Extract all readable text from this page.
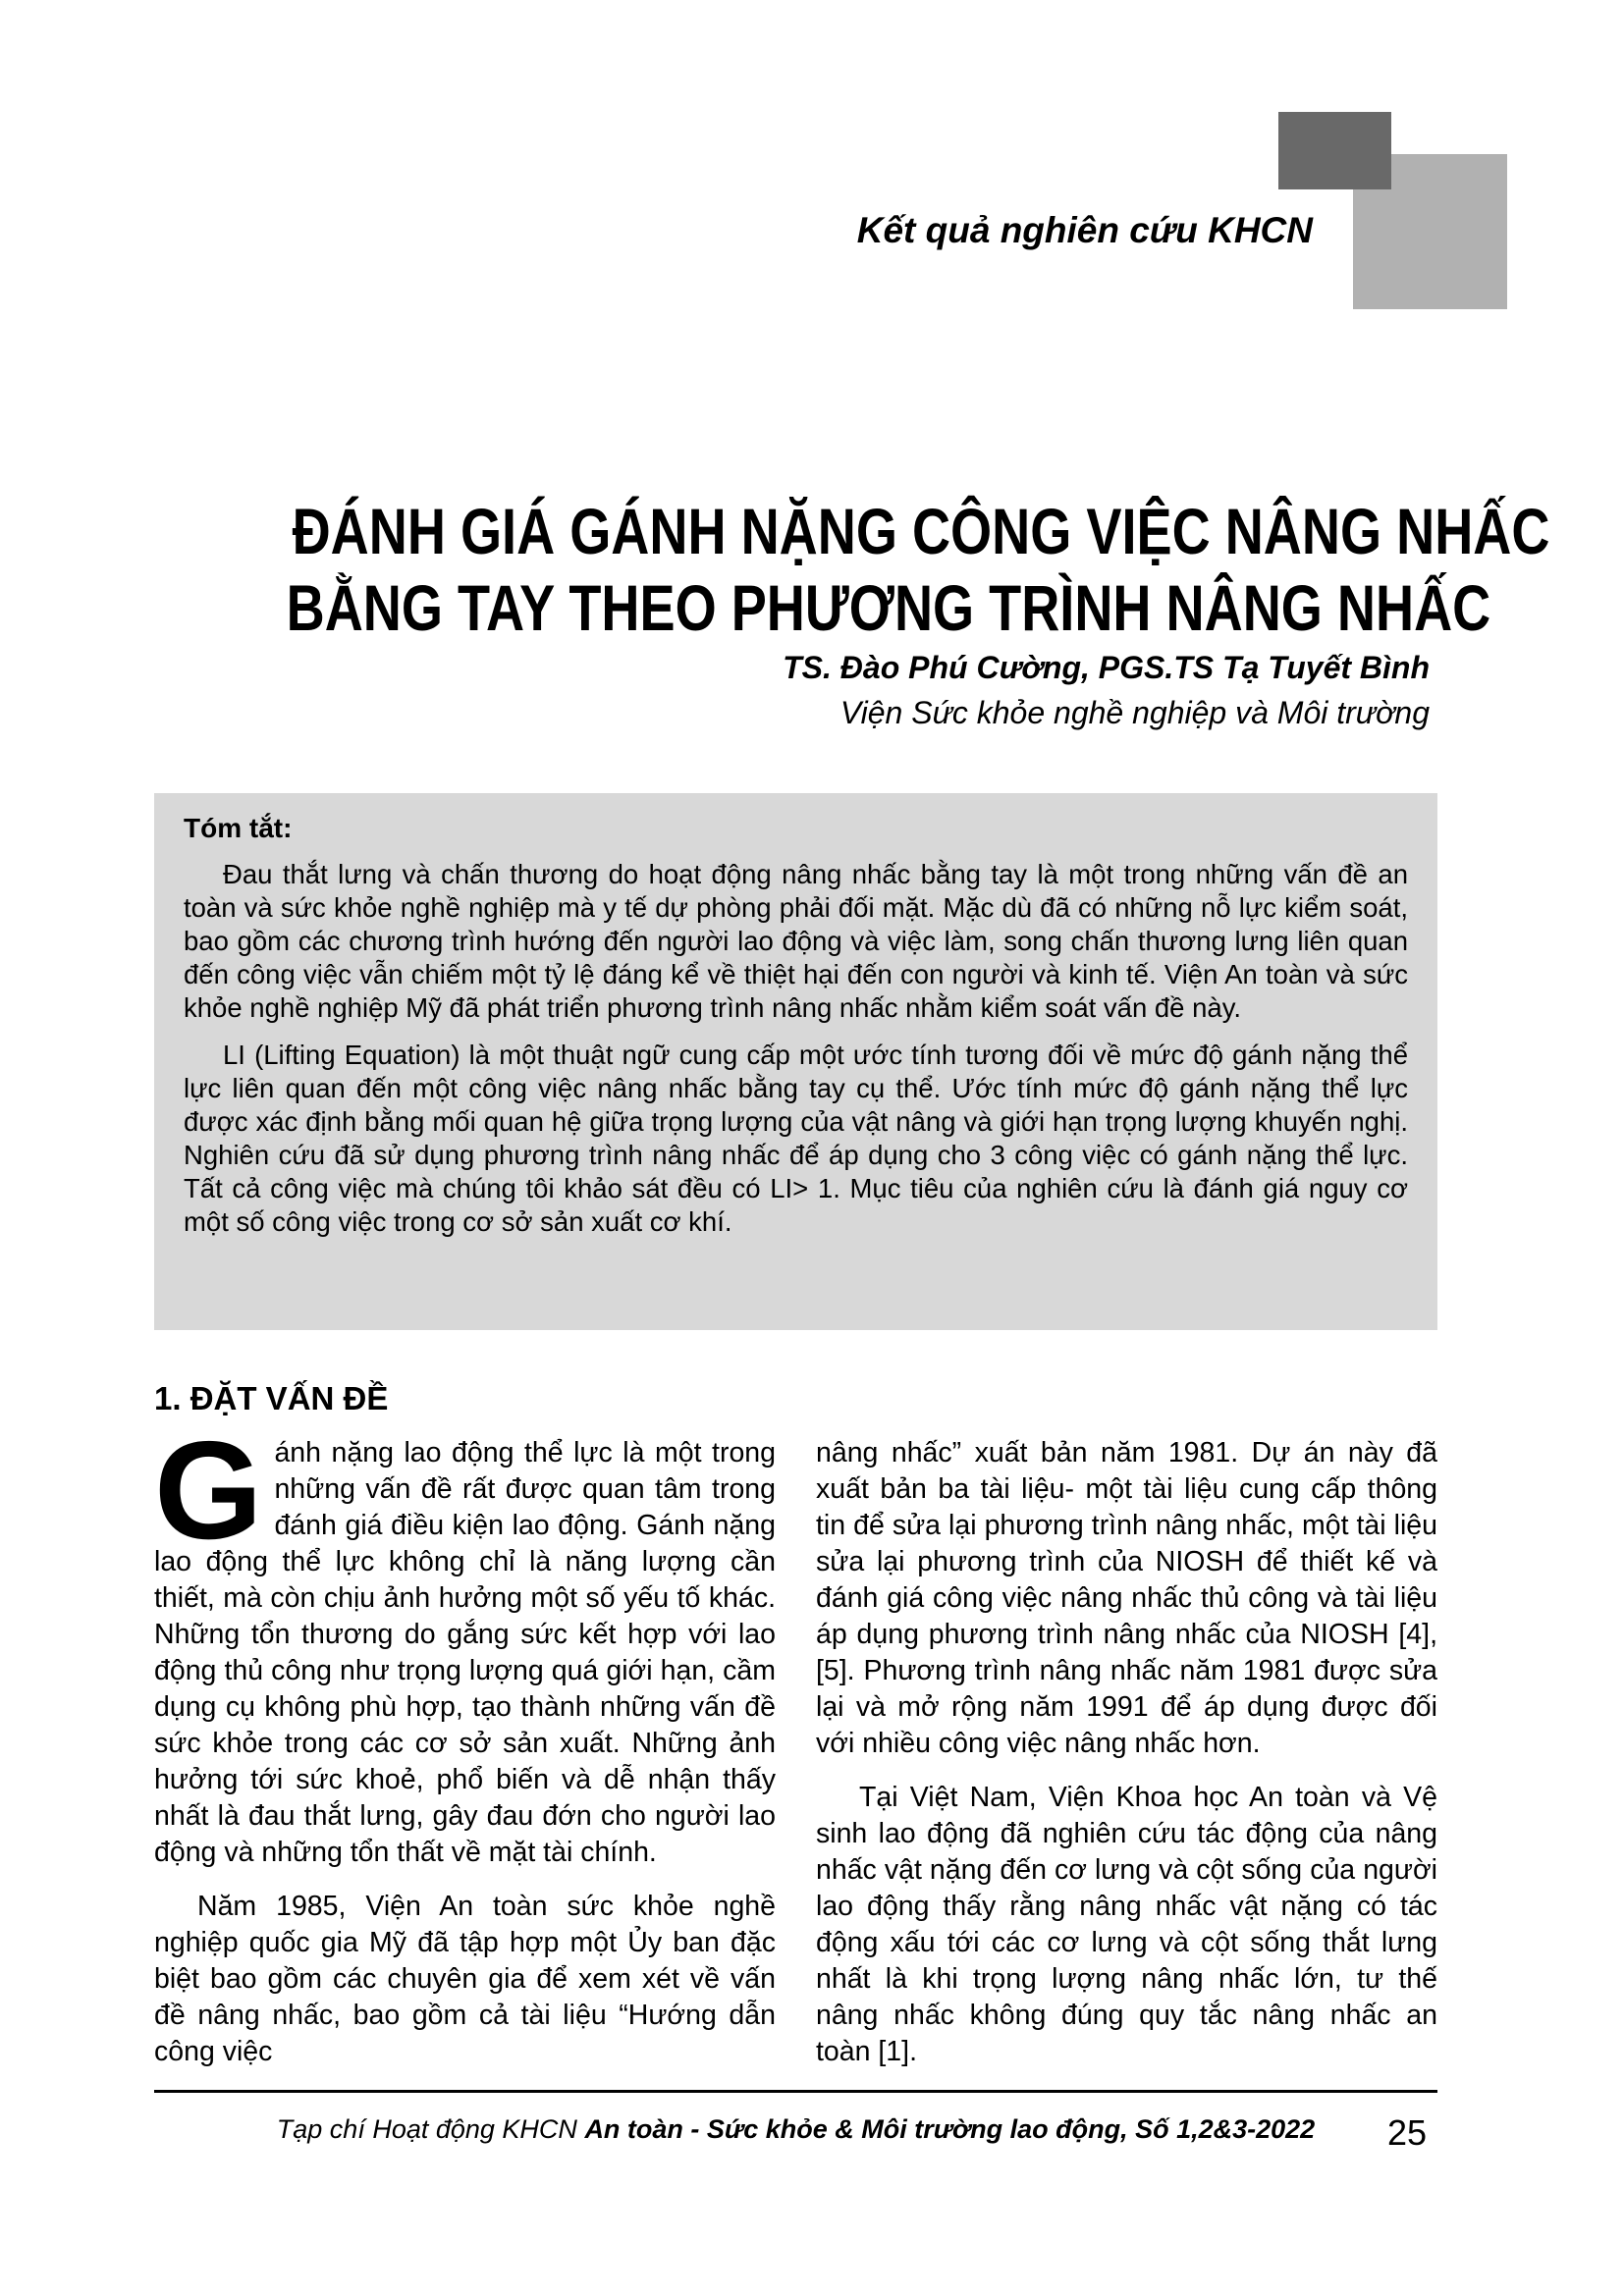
Kết quả nghiên cứu KHCN
ĐÁNH GIÁ GÁNH NẶNG CÔNG VIỆC NÂNG NHẤC
BẰNG TAY THEO PHƯƠNG TRÌNH NÂNG NHẤC
TS. Đào Phú Cường, PGS.TS Tạ Tuyết Bình
Viện Sức khỏe nghề nghiệp và Môi trường
Tóm tắt:

Đau thắt lưng và chấn thương do hoạt động nâng nhấc bằng tay là một trong những vấn đề an toàn và sức khỏe nghề nghiệp mà y tế dự phòng phải đối mặt. Mặc dù đã có những nỗ lực kiểm soát, bao gồm các chương trình hướng đến người lao động và việc làm, song chấn thương lưng liên quan đến công việc vẫn chiếm một tỷ lệ đáng kể về thiệt hại đến con người và kinh tế. Viện An toàn và sức khỏe nghề nghiệp Mỹ đã phát triển phương trình nâng nhấc nhằm kiểm soát vấn đề này.

LI (Lifting Equation) là một thuật ngữ cung cấp một ước tính tương đối về mức độ gánh nặng thể lực liên quan đến một công việc nâng nhấc bằng tay cụ thể. Ước tính mức độ gánh nặng thể lực được xác định bằng mối quan hệ giữa trọng lượng của vật nâng và giới hạn trọng lượng khuyến nghị. Nghiên cứu đã sử dụng phương trình nâng nhấc để áp dụng cho 3 công việc có gánh nặng thể lực. Tất cả công việc mà chúng tôi khảo sát đều có LI> 1. Mục tiêu của nghiên cứu là đánh giá nguy cơ một số công việc trong cơ sở sản xuất cơ khí.

1. ĐẶT VẤN ĐỀ

Gánh nặng lao động thể lực là một trong những vấn đề rất được quan tâm trong đánh giá điều kiện lao động. Gánh nặng lao động thể lực không chỉ là năng lượng cần thiết, mà còn chịu ảnh hưởng một số yếu tố khác. Những tổn thương do gắng sức kết hợp với lao động thủ công như trọng lượng quá giới hạn, cầm dụng cụ không phù hợp, tạo thành những vấn đề sức khỏe trong các cơ sở sản xuất. Những ảnh hưởng tới sức khoẻ, phổ biến và dễ nhận thấy nhất là đau thắt lưng, gây đau đớn cho người lao động và những tổn thất về mặt tài chính.

Năm 1985, Viện An toàn sức khỏe nghề nghiệp quốc gia Mỹ đã tập hợp một Ủy ban đặc biệt bao gồm các chuyên gia để xem xét về vấn đề nâng nhấc, bao gồm cả tài liệu “Hướng dẫn công việc

nâng nhấc” xuất bản năm 1981. Dự án này đã xuất bản ba tài liệu- một tài liệu cung cấp thông tin để sửa lại phương trình nâng nhấc, một tài liệu sửa lại phương trình của NIOSH để thiết kế và đánh giá công việc nâng nhấc thủ công và tài liệu áp dụng phương trình nâng nhấc của NIOSH [4], [5]. Phương trình nâng nhấc năm 1981 được sửa lại và mở rộng năm 1991 để áp dụng được đối với nhiều công việc nâng nhấc hơn.

Tại Việt Nam, Viện Khoa học An toàn và Vệ sinh lao động đã nghiên cứu tác động của nâng nhấc vật nặng đến cơ lưng và cột sống của người lao động thấy rằng nâng nhấc vật nặng có tác động xấu tới các cơ lưng và cột sống thắt lưng nhất là khi trọng lượng nâng nhấc lớn, tư thế nâng nhấc không đúng quy tắc nâng nhấc an toàn [1].

Tạp chí Hoạt động KHCN An toàn - Sức khỏe & Môi trường lao động, Số 1,2&3-2022	25
